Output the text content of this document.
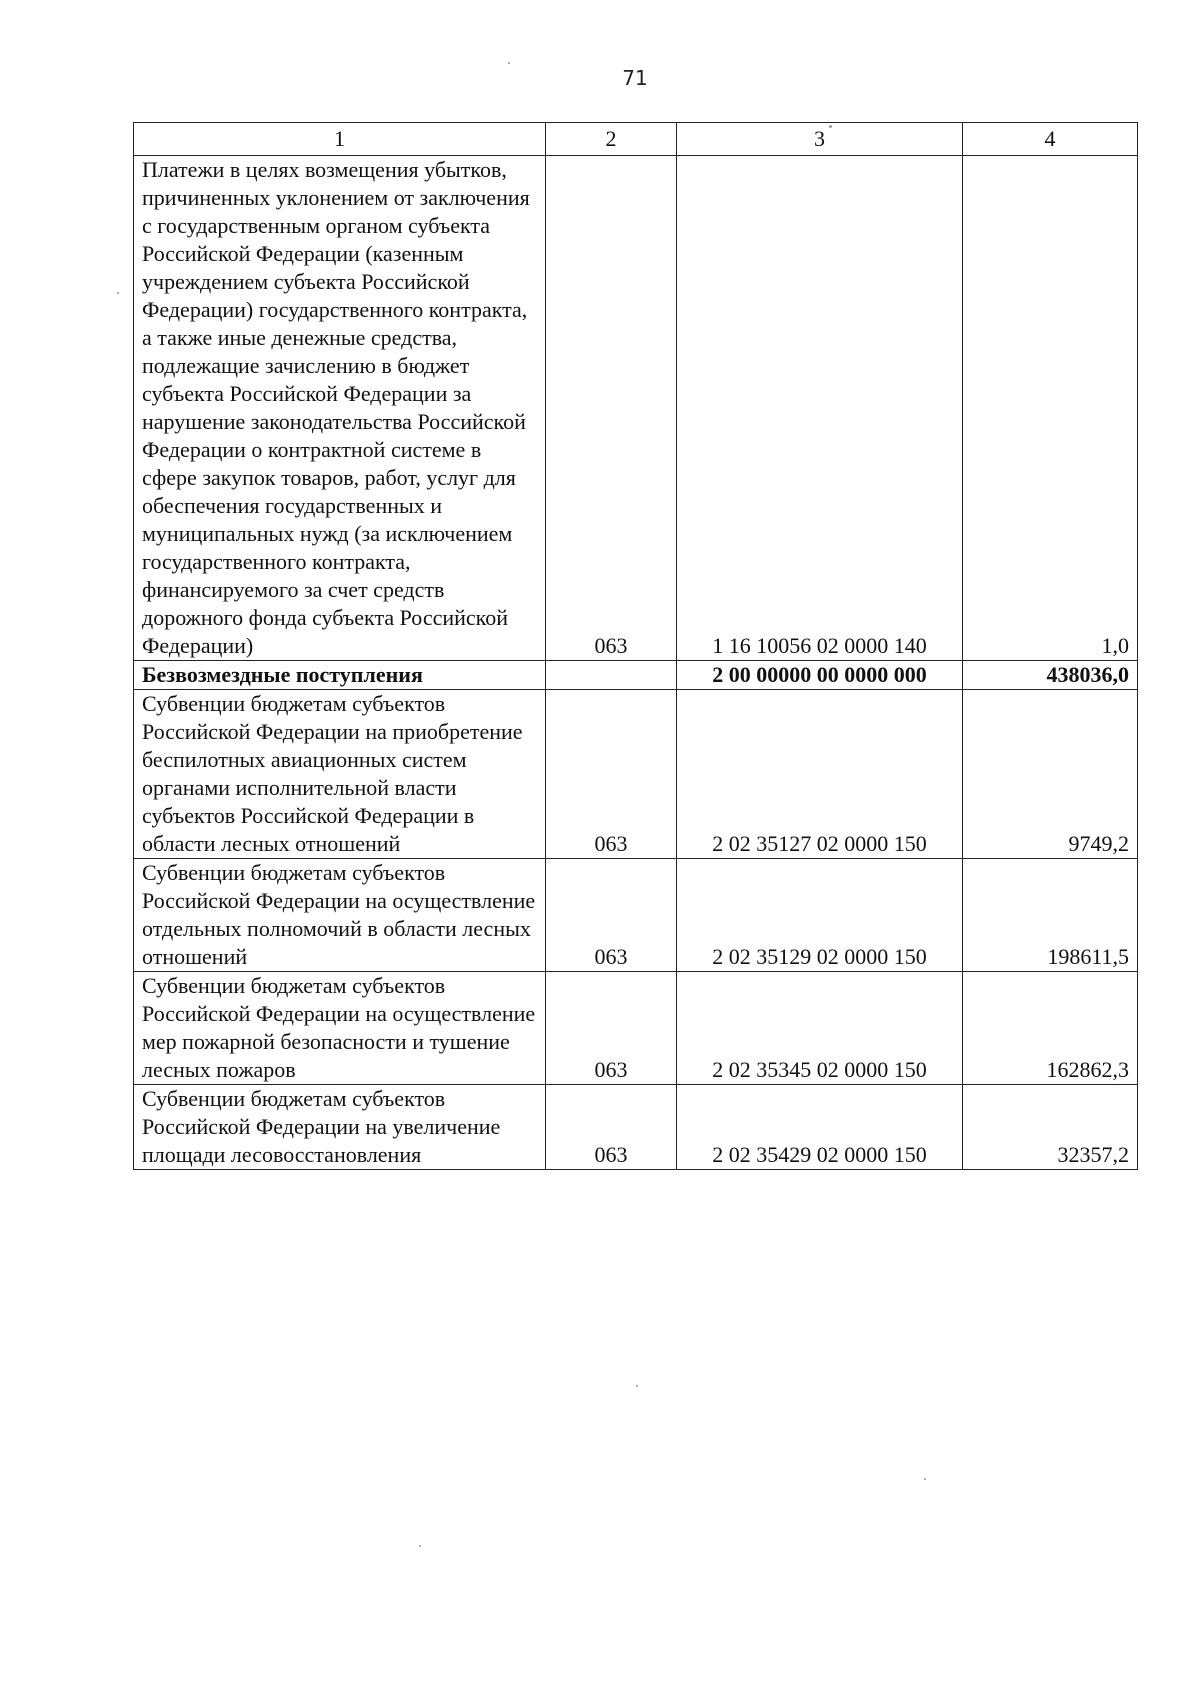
71
1	2	3	4
Платежи в целях возмещения убытков, причиненных уклонением от заключения с государственным органом субъекта Российской Федерации (казенным учреждением субъекта Российской Федерации) государственного контракта, а также иные денежные средства, подлежащие зачислению в бюджет субъекта Российской Федерации за нарушение законодательства Российской Федерации о контрактной системе в сфере закупок товаров, работ, услуг для обеспечения государственных и муниципальных нужд (за исключением государственного контракта, финансируемого за счет средств дорожного фонда субъекта Российской Федерации)	063	1 16 10056 02 0000 140	1,0
Безвозмездные поступления		2 00 00000 00 0000 000	438036,0
Субвенции бюджетам субъектов Российской Федерации на приобретение беспилотных авиационных систем органами исполнительной власти субъектов Российской Федерации в области лесных отношений	063	2 02 35127 02 0000 150	9749,2
Субвенции бюджетам субъектов Российской Федерации на осуществление отдельных полномочий в области лесных отношений	063	2 02 35129 02 0000 150	198611,5
Субвенции бюджетам субъектов Российской Федерации на осуществление мер пожарной безопасности и тушение лесных пожаров	063	2 02 35345 02 0000 150	162862,3
Субвенции бюджетам субъектов Российской Федерации на увеличение площади лесовосстановления	063	2 02 35429 02 0000 150	32357,2
